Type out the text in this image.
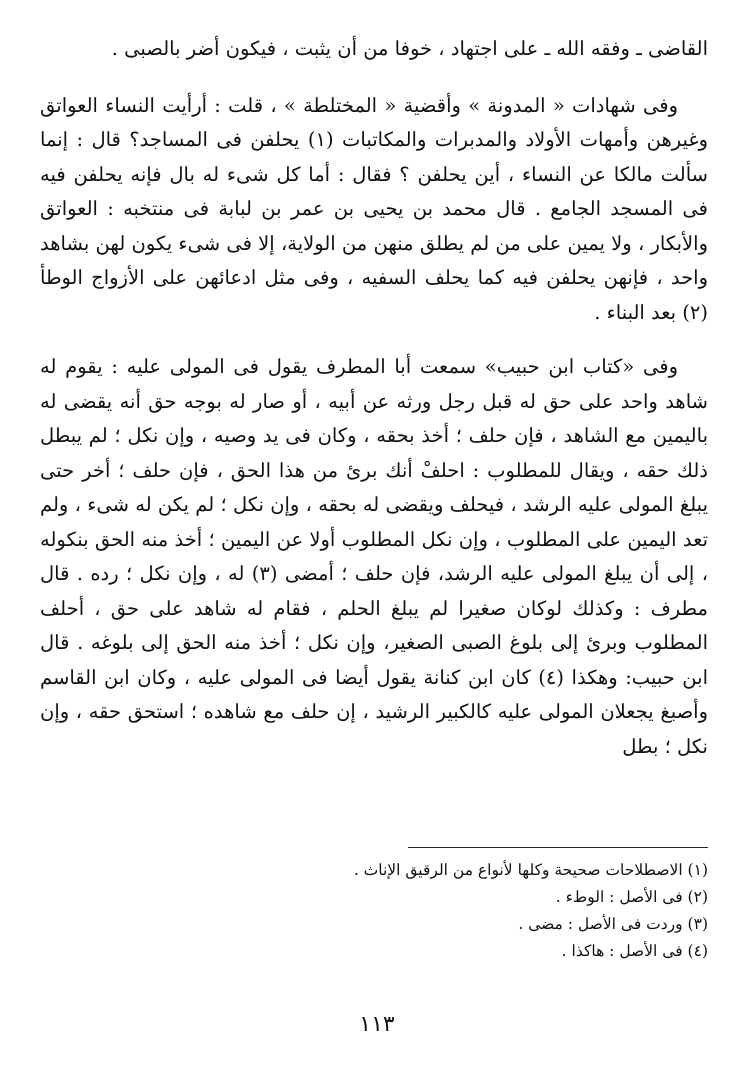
القاضى ـ وفقه الله ـ على اجتهاد ، خوفا من أن يثبت ، فيكون أضر بالصبى .

وفى شهادات « المدونة » وأقضية « المختلطة » ، قلت : أرأيت النساء العواتق وغيرهن وأمهات الأولاد والمدبرات والمكاتبات (١) يحلفن فى المساجد؟ قال : إنما سألت مالكا عن النساء ، أين يحلفن ؟ فقال : أما كل شىء له بال فإنه يحلفن فيه فى المسجد الجامع . قال محمد بن يحيى بن عمر بن لبابة فى منتخبه : العواتق والأبكار ، ولا يمين على من لم يطلق منهن من الولاية، إلا فى شىء يكون لهن بشاهد واحد ، فإنهن يحلفن فيه كما يحلف السفيه ، وفى مثل ادعائهن على الأزواج الوطأ (٢) بعد البناء .

وفى «كتاب ابن حبيب» سمعت أبا المطرف يقول فى المولى عليه : يقوم له شاهد واحد على حق له قبل رجل ورثه عن أبيه ، أو صار له بوجه حق أنه يقضى له باليمين مع الشاهد ، فإن حلف ؛ أخذ بحقه ، وكان فى يد وصيه ، وإن نكل ؛ لم يبطل ذلك حقه ، ويقال للمطلوب : احلفْ أنك برئ من هذا الحق ، فإن حلف ؛ أخر حتى يبلغ المولى عليه الرشد ، فيحلف ويقضى له بحقه ، وإن نكل ؛ لم يكن له شىء ، ولم تعد اليمين على المطلوب ، وإن نكل المطلوب أولا عن اليمين ؛ أخذ منه الحق بنكوله ، إلى أن يبلغ المولى عليه الرشد، فإن حلف ؛ أمضى (٣) له ، وإن نكل ؛ رده . قال مطرف : وكذلك لوكان صغيرا لم يبلغ الحلم ، فقام له شاهد على حق ، أحلف المطلوب وبرئ إلى بلوغ الصبى الصغير، وإن نكل ؛ أخذ منه الحق إلى بلوغه . قال ابن حبيب: وهكذا (٤) كان ابن كنانة يقول أيضا فى المولى عليه ، وكان ابن القاسم وأصبغ يجعلان المولى عليه كالكبير الرشيد ، إن حلف مع شاهده ؛ استحق حقه ، وإن نكل ؛ بطل

(١) الاصطلاحات صحيحة وكلها لأنواع من الرقيق الإناث .
(٢) فى الأصل : الوطء .
(٣) وردت فى الأصل : مضى .
(٤) فى الأصل : هاكذا .
١١٣
